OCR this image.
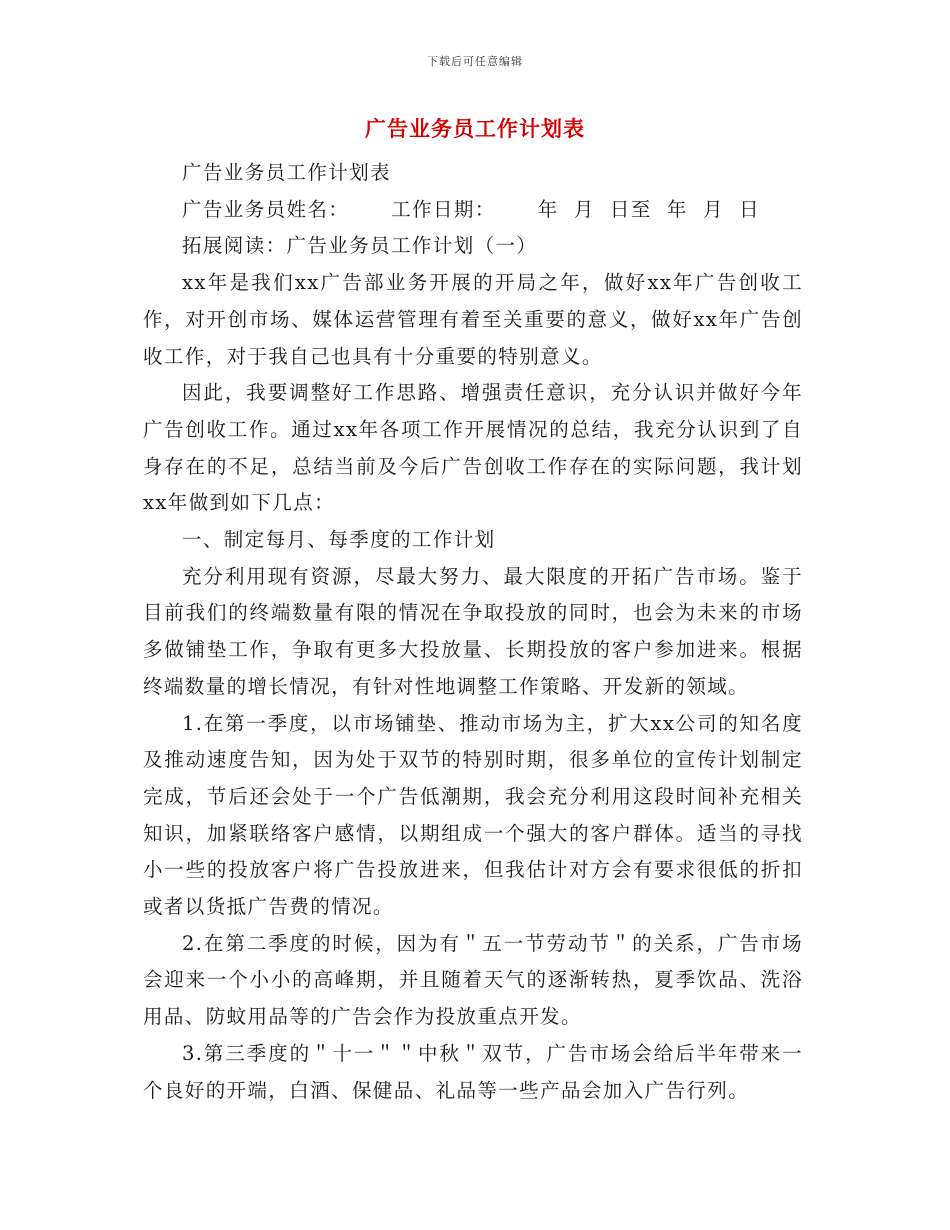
下载后可任意编辑
广告业务员工作计划表

广告业务员工作计划表

广告业务员姓名： 工作日期： 年  月  日至  年  月  日

拓展阅读：广告业务员工作计划（一）

xx年是我们xx广告部业务开展的开局之年，做好xx年广告创收工作，对开创市场、媒体运营管理有着至关重要的意义，做好xx年广告创收工作，对于我自己也具有十分重要的特别意义。

因此，我要调整好工作思路、增强责任意识，充分认识并做好今年广告创收工作。通过xx年各项工作开展情况的总结，我充分认识到了自身存在的不足，总结当前及今后广告创收工作存在的实际问题，我计划xx年做到如下几点：

一、制定每月、每季度的工作计划

充分利用现有资源，尽最大努力、最大限度的开拓广告市场。鉴于目前我们的终端数量有限的情况在争取投放的同时，也会为未来的市场多做铺垫工作，争取有更多大投放量、长期投放的客户参加进来。根据终端数量的增长情况，有针对性地调整工作策略、开发新的领域。

1.在第一季度，以市场铺垫、推动市场为主，扩大xx公司的知名度及推动速度告知，因为处于双节的特别时期，很多单位的宣传计划制定完成，节后还会处于一个广告低潮期，我会充分利用这段时间补充相关知识，加紧联络客户感情，以期组成一个强大的客户群体。适当的寻找小一些的投放客户将广告投放进来，但我估计对方会有要求很低的折扣或者以货抵广告费的情况。

2.在第二季度的时候，因为有＂五一节劳动节＂的关系，广告市场会迎来一个小小的高峰期，并且随着天气的逐渐转热，夏季饮品、洗浴用品、防蚊用品等的广告会作为投放重点开发。

3.第三季度的＂十一＂＂中秋＂双节，广告市场会给后半年带来一个良好的开端，白酒、保健品、礼品等一些产品会加入广告行列。
